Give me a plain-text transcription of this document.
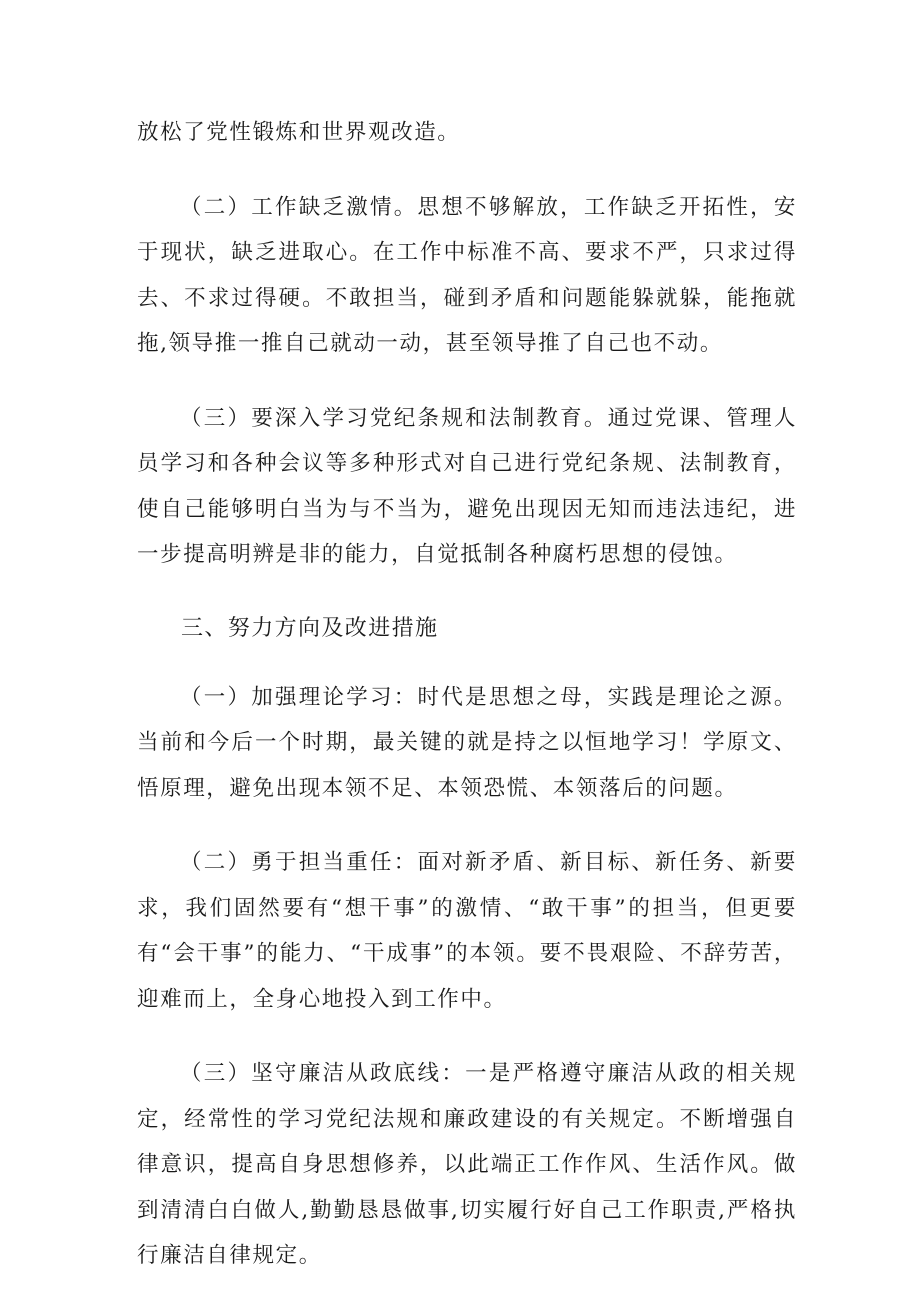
放松了党性锻炼和世界观改造。

（二）工作缺乏激情。思想不够解放，工作缺乏开拓性，安于现状，缺乏进取心。在工作中标准不高、要求不严，只求过得去、不求过得硬。不敢担当，碰到矛盾和问题能躲就躲，能拖就拖,领导推一推自己就动一动，甚至领导推了自己也不动。

（三）要深入学习党纪条规和法制教育。通过党课、管理人员学习和各种会议等多种形式对自己进行党纪条规、法制教育，使自己能够明白当为与不当为，避免出现因无知而违法违纪，进一步提高明辨是非的能力，自觉抵制各种腐朽思想的侵蚀。

三、努力方向及改进措施

（一）加强理论学习：时代是思想之母，实践是理论之源。当前和今后一个时期，最关键的就是持之以恒地学习！学原文、悟原理，避免出现本领不足、本领恐慌、本领落后的问题。

（二）勇于担当重任：面对新矛盾、新目标、新任务、新要求，我们固然要有“想干事”的激情、“敢干事”的担当，但更要有“会干事”的能力、“干成事”的本领。要不畏艰险、不辞劳苦，迎难而上，全身心地投入到工作中。

（三）坚守廉洁从政底线：一是严格遵守廉洁从政的相关规定，经常性的学习党纪法规和廉政建设的有关规定。不断增强自律意识，提高自身思想修养，以此端正工作作风、生活作风。做到清清白白做人,勤勤恳恳做事,切实履行好自己工作职责,严格执行廉洁自律规定。
